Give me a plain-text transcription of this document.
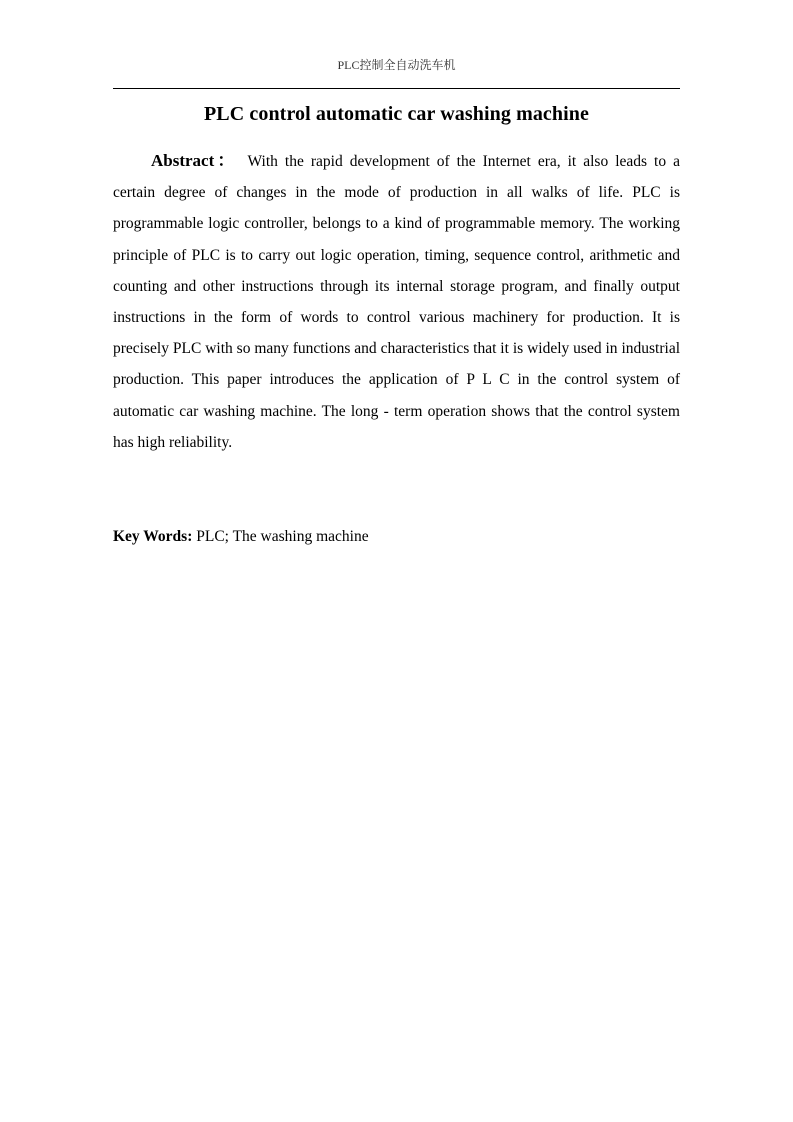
PLC控制全自动洗车机
PLC control automatic car washing machine

Abstract： With the rapid development of the Internet era, it also leads to a certain degree of changes in the mode of production in all walks of life. PLC is programmable logic controller, belongs to a kind of programmable memory. The working principle of PLC is to carry out logic operation, timing, sequence control, arithmetic and counting and other instructions through its internal storage program, and finally output instructions in the form of words to control various machinery for production. It is precisely PLC with so many functions and characteristics that it is widely used in industrial production. This paper introduces the application of P L C in the control system of automatic car washing machine. The long - term operation shows that the control system has high reliability.

Key Words: PLC; The washing machine
